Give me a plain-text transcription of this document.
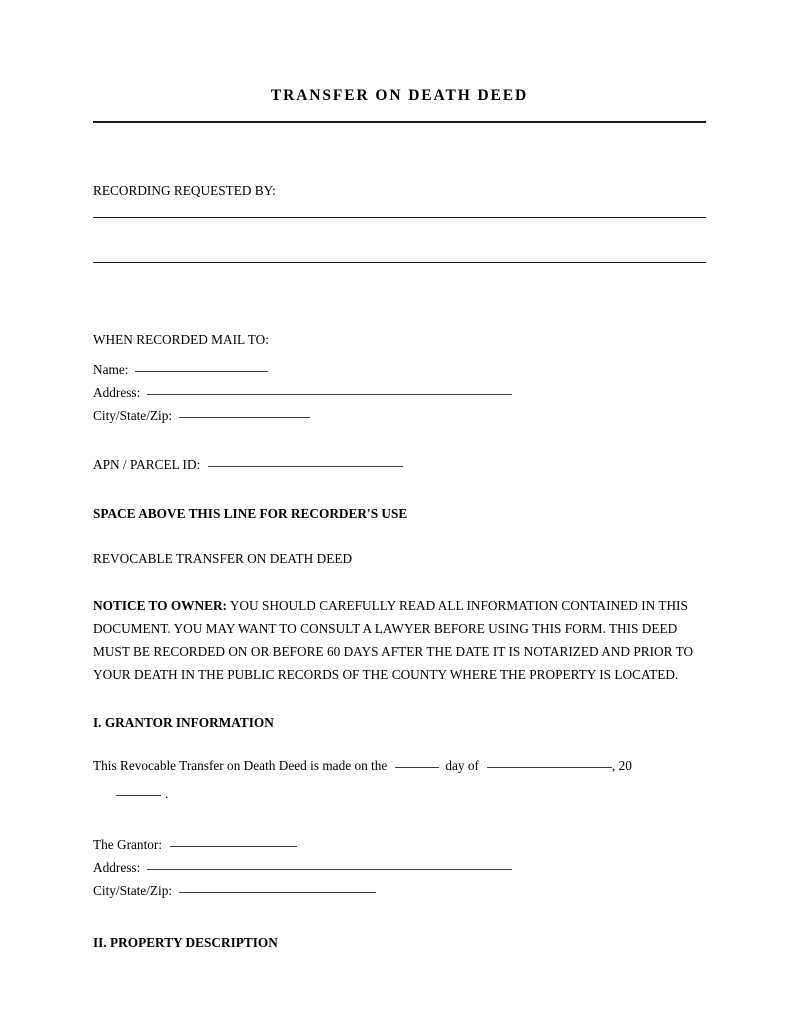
TRANSFER ON DEATH DEED
RECORDING REQUESTED BY:
WHEN RECORDED MAIL TO:
Name:
Address:
City/State/Zip:
APN / PARCEL ID:
SPACE ABOVE THIS LINE FOR RECORDER'S USE
REVOCABLE TRANSFER ON DEATH DEED
NOTICE TO OWNER: YOU SHOULD CAREFULLY READ ALL INFORMATION CONTAINED IN THIS DOCUMENT. YOU MAY WANT TO CONSULT A LAWYER BEFORE USING THIS FORM. THIS DEED MUST BE RECORDED ON OR BEFORE 60 DAYS AFTER THE DATE IT IS NOTARIZED AND PRIOR TO YOUR DEATH IN THE PUBLIC RECORDS OF THE COUNTY WHERE THE PROPERTY IS LOCATED.
I. GRANTOR INFORMATION
This Revocable Transfer on Death Deed is made on the	day of	, 20
.
The Grantor:
Address:
City/State/Zip:
II. PROPERTY DESCRIPTION
